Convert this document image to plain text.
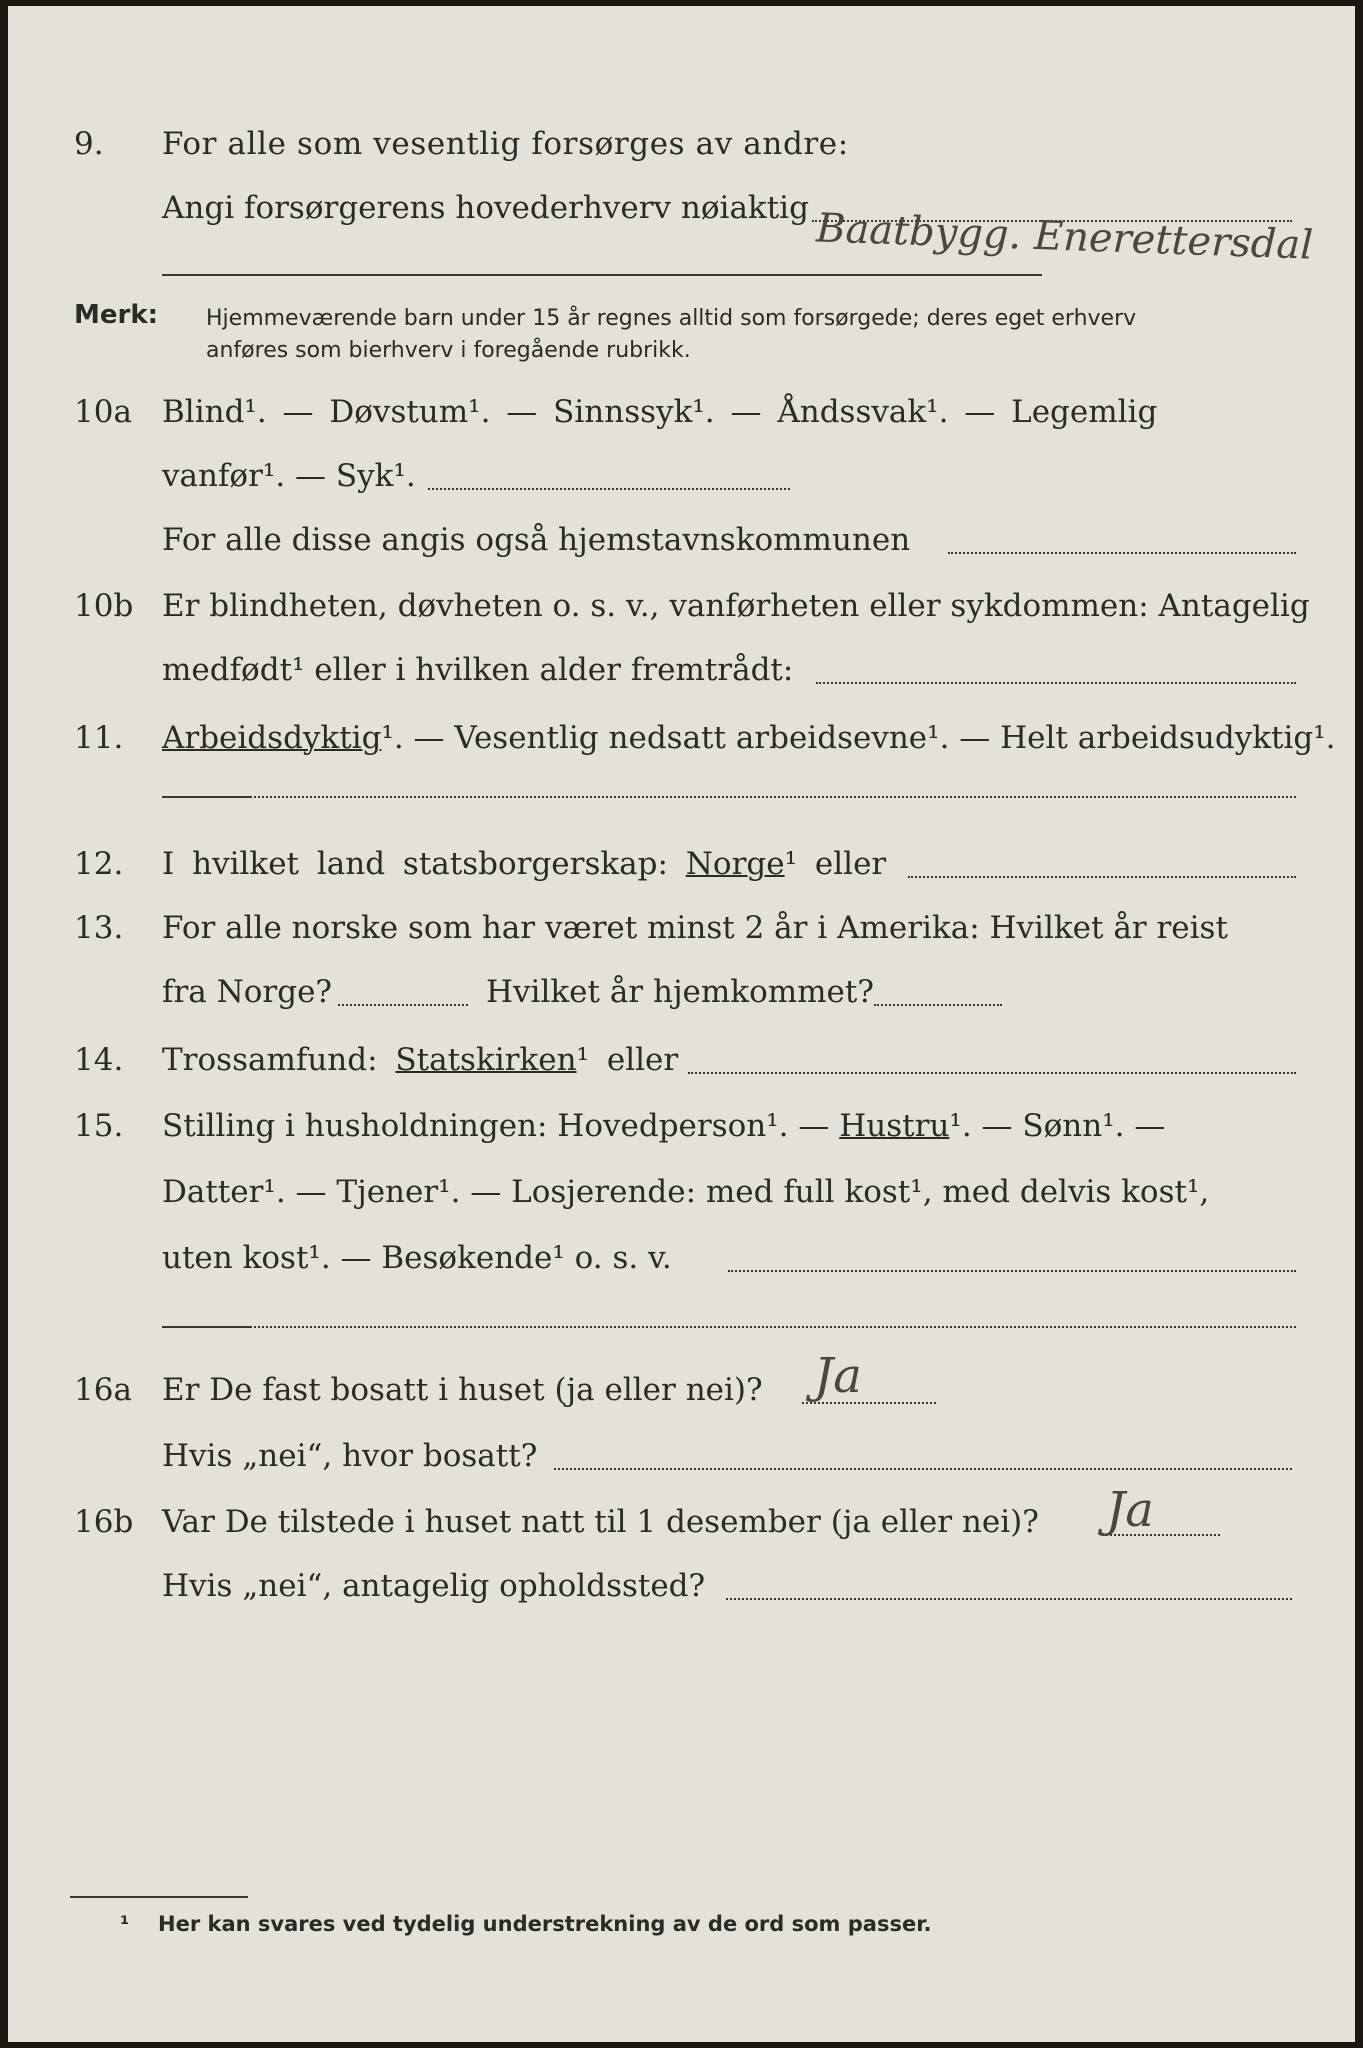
9. For alle som vesentlig forsørges av andre:
Angi forsørgerens hovederhverv nøiaktig Baatbygg. Enerettersdal
Merk: Hjemmeværende barn under 15 år regnes alltid som forsørgede; deres eget erhverv
anføres som bierhverv i foregående rubrikk.
10a Blind¹. — Døvstum¹. — Sinnssyk¹. — Åndssvak¹. — Legemlig
vanfør¹. — Syk¹.
For alle disse angis også hjemstavnskommunen
10b Er blindheten, døvheten o. s. v., vanførheten eller sykdommen: Antagelig
medfødt¹ eller i hvilken alder fremtrådt:
11. Arbeidsdyktig¹. — Vesentlig nedsatt arbeidsevne¹. — Helt arbeidsudyktig¹.
12. I hvilket land statsborgerskap: Norge¹ eller
13. For alle norske som har været minst 2 år i Amerika: Hvilket år reist
fra Norge?	Hvilket år hjemkommet?
14. Trossamfund: Statskirken¹ eller
15. Stilling i husholdningen: Hovedperson¹. — Hustru¹. — Sønn¹. —
Datter¹. — Tjener¹. — Losjerende: med full kost¹, med delvis kost¹,
uten kost¹. — Besøkende¹ o. s. v.
16a Er De fast bosatt i huset (ja eller nei)? Ja
Hvis „nei“, hvor bosatt?
16b Var De tilstede i huset natt til 1 desember (ja eller nei)? Ja
Hvis „nei“, antagelig opholdssted?
¹ Her kan svares ved tydelig understrekning av de ord som passer.
